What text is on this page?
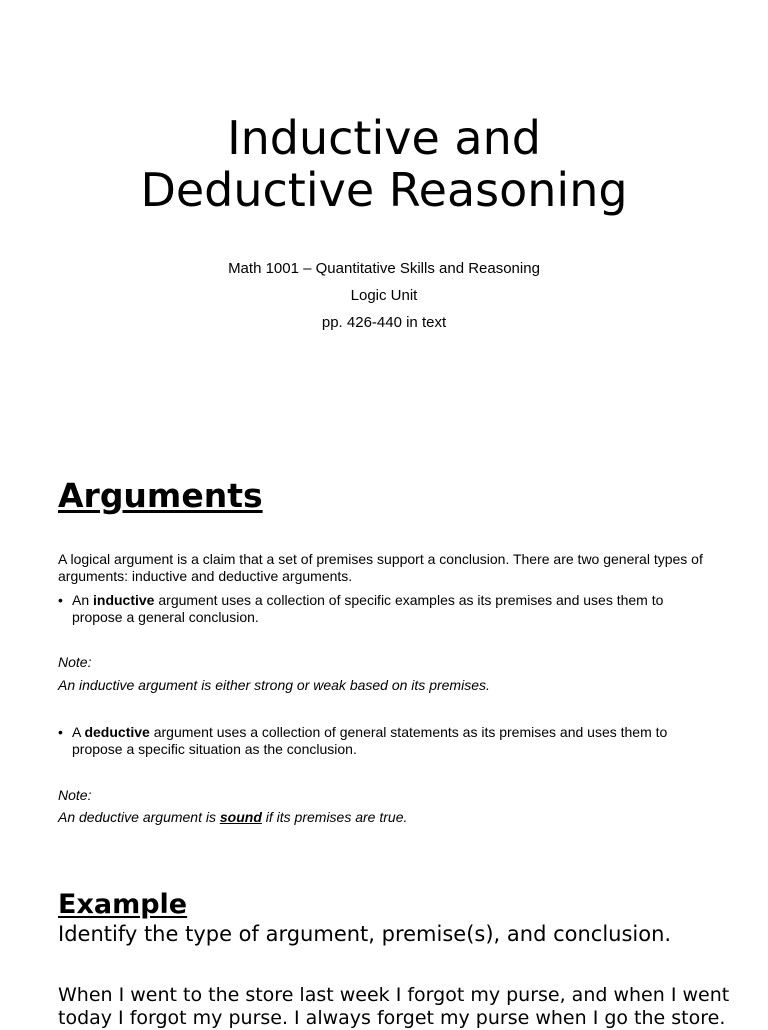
Inductive and
Deductive Reasoning
Math 1001 – Quantitative Skills and Reasoning
Logic Unit
pp. 426-440 in text
Arguments
A logical argument is a claim that a set of premises support a conclusion. There are two general types of arguments: inductive and deductive arguments.
• An inductive argument uses a collection of specific examples as its premises and uses them to propose a general conclusion.
Note:
An inductive argument is either strong or weak based on its premises.
• A deductive argument uses a collection of general statements as its premises and uses them to propose a specific situation as the conclusion.
Note:
An deductive argument is sound if its premises are true.
Example
Identify the type of argument, premise(s), and conclusion.
When I went to the store last week I forgot my purse, and when I went today I forgot my purse. I always forget my purse when I go the store.
